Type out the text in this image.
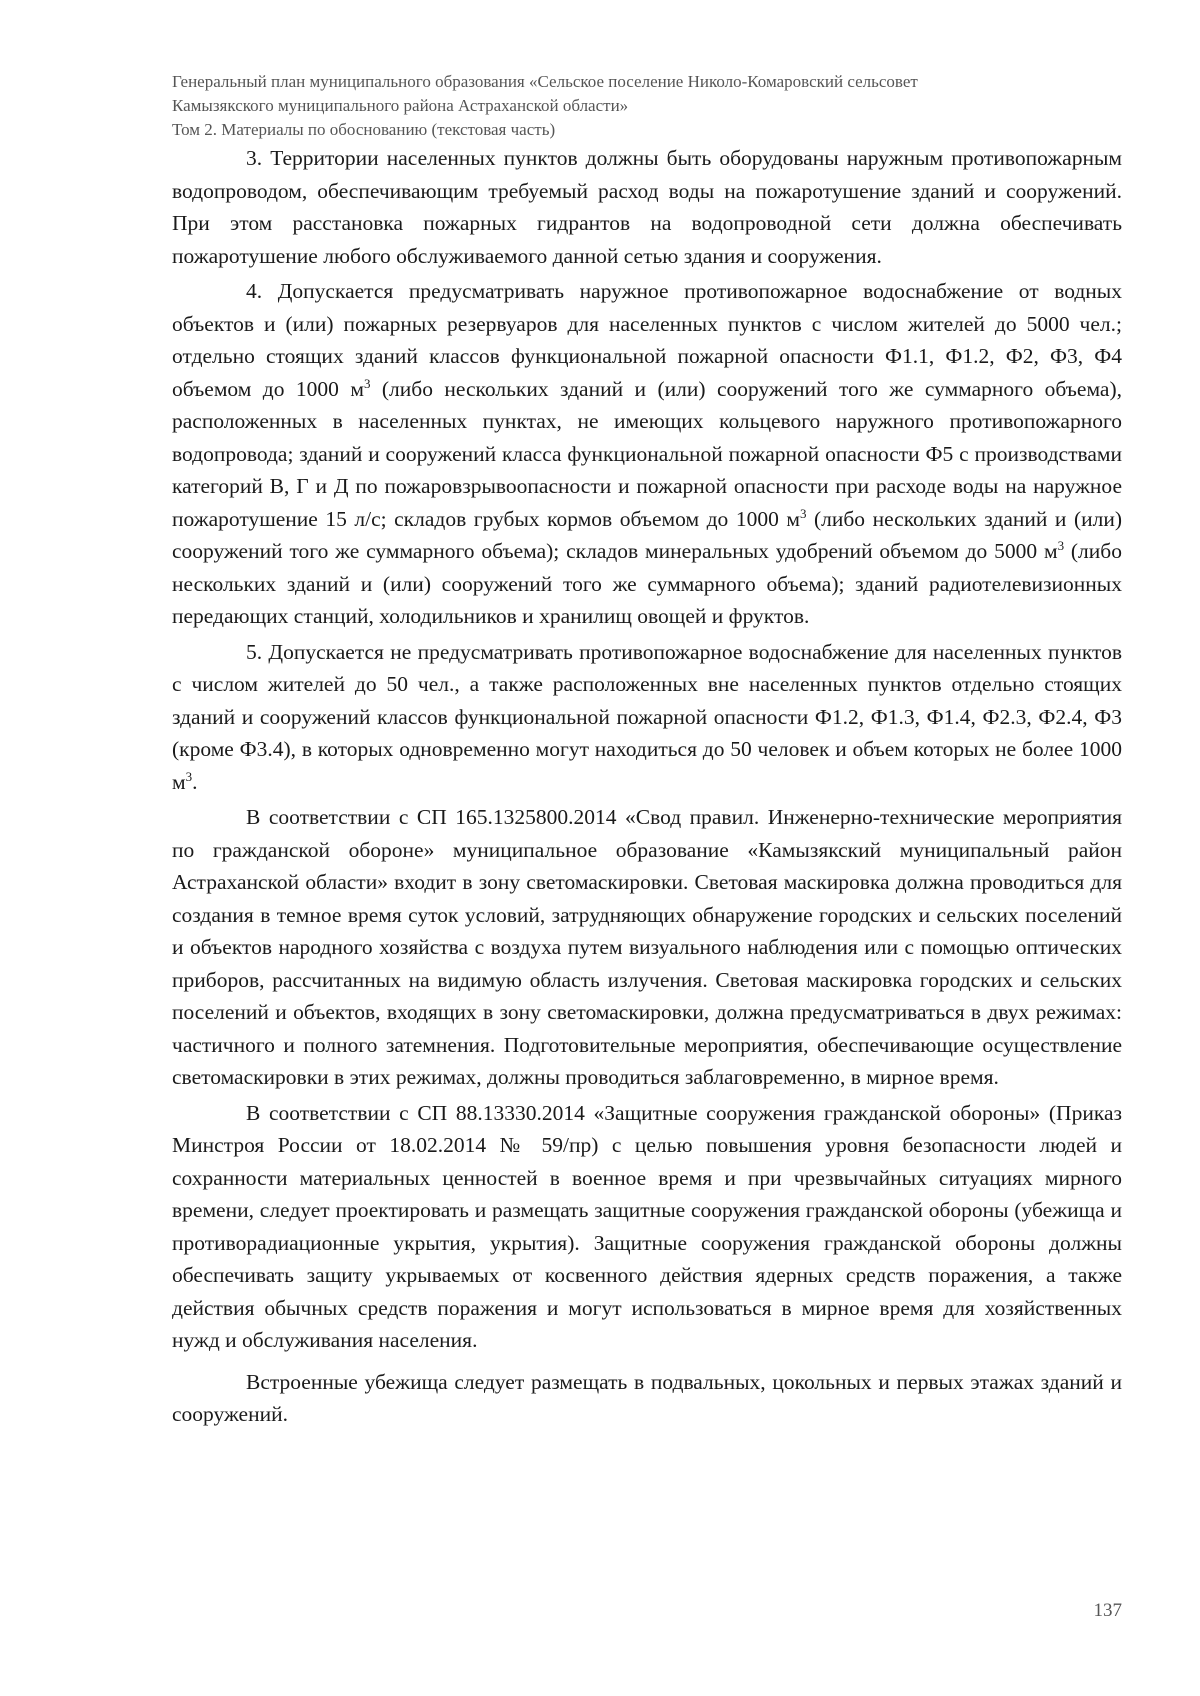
Генеральный план муниципального образования «Сельское поселение Николо-Комаровский сельсовет
Камызякского муниципального района Астраханской области»
Том 2. Материалы по обоснованию (текстовая часть)

3. Территории населенных пунктов должны быть оборудованы наружным противопожарным водопроводом, обеспечивающим требуемый расход воды на пожаротушение зданий и сооружений. При этом расстановка пожарных гидрантов на водопроводной сети должна обеспечивать пожаротушение любого обслуживаемого данной сетью здания и сооружения.

4. Допускается предусматривать наружное противопожарное водоснабжение от водных объектов и (или) пожарных резервуаров для населенных пунктов с числом жителей до 5000 чел.; отдельно стоящих зданий классов функциональной пожарной опасности Ф1.1, Ф1.2, Ф2, Ф3, Ф4 объемом до 1000 $м^3$ (либо нескольких зданий и (или) сооружений того же суммарного объема), расположенных в населенных пунктах, не имеющих кольцевого наружного противопожарного водопровода; зданий и сооружений класса функциональной пожарной опасности Ф5 с производствами категорий В, Г и Д по пожаровзрывоопасности и пожарной опасности при расходе воды на наружное пожаротушение 15 л/с; складов грубых кормов объемом до 1000 $м^3$ (либо нескольких зданий и (или) сооружений того же суммарного объема); складов минеральных удобрений объемом до 5000 $м^3$ (либо нескольких зданий и (или) сооружений того же суммарного объема); зданий радиотелевизионных передающих станций, холодильников и хранилищ овощей и фруктов.

5. Допускается не предусматривать противопожарное водоснабжение для населенных пунктов с числом жителей до 50 чел., а также расположенных вне населенных пунктов отдельно стоящих зданий и сооружений классов функциональной пожарной опасности Ф1.2, Ф1.3, Ф1.4, Ф2.3, Ф2.4, Ф3 (кроме Ф3.4), в которых одновременно могут находиться до 50 человек и объем которых не более 1000 $м^3$.

В соответствии с СП 165.1325800.2014 «Свод правил. Инженерно-технические мероприятия по гражданской обороне» муниципальное образование «Камызякский муниципальный район Астраханской области» входит в зону светомаскировки. Световая маскировка должна проводиться для создания в темное время суток условий, затрудняющих обнаружение городских и сельских поселений и объектов народного хозяйства с воздуха путем визуального наблюдения или с помощью оптических приборов, рассчитанных на видимую область излучения. Световая маскировка городских и сельских поселений и объектов, входящих в зону светомаскировки, должна предусматриваться в двух режимах: частичного и полного затемнения. Подготовительные мероприятия, обеспечивающие осуществление светомаскировки в этих режимах, должны проводиться заблаговременно, в мирное время.

В соответствии с СП 88.13330.2014 «Защитные сооружения гражданской обороны» (Приказ Минстроя России от 18.02.2014 № 59/пр) с целью повышения уровня безопасности людей и сохранности материальных ценностей в военное время и при чрезвычайных ситуациях мирного времени, следует проектировать и размещать защитные сооружения гражданской обороны (убежища и противорадиационные укрытия, укрытия). Защитные сооружения гражданской обороны должны обеспечивать защиту укрываемых от косвенного действия ядерных средств поражения, а также действия обычных средств поражения и могут использоваться в мирное время для хозяйственных нужд и обслуживания населения.

Встроенные убежища следует размещать в подвальных, цокольных и первых этажах зданий и сооружений.

137
